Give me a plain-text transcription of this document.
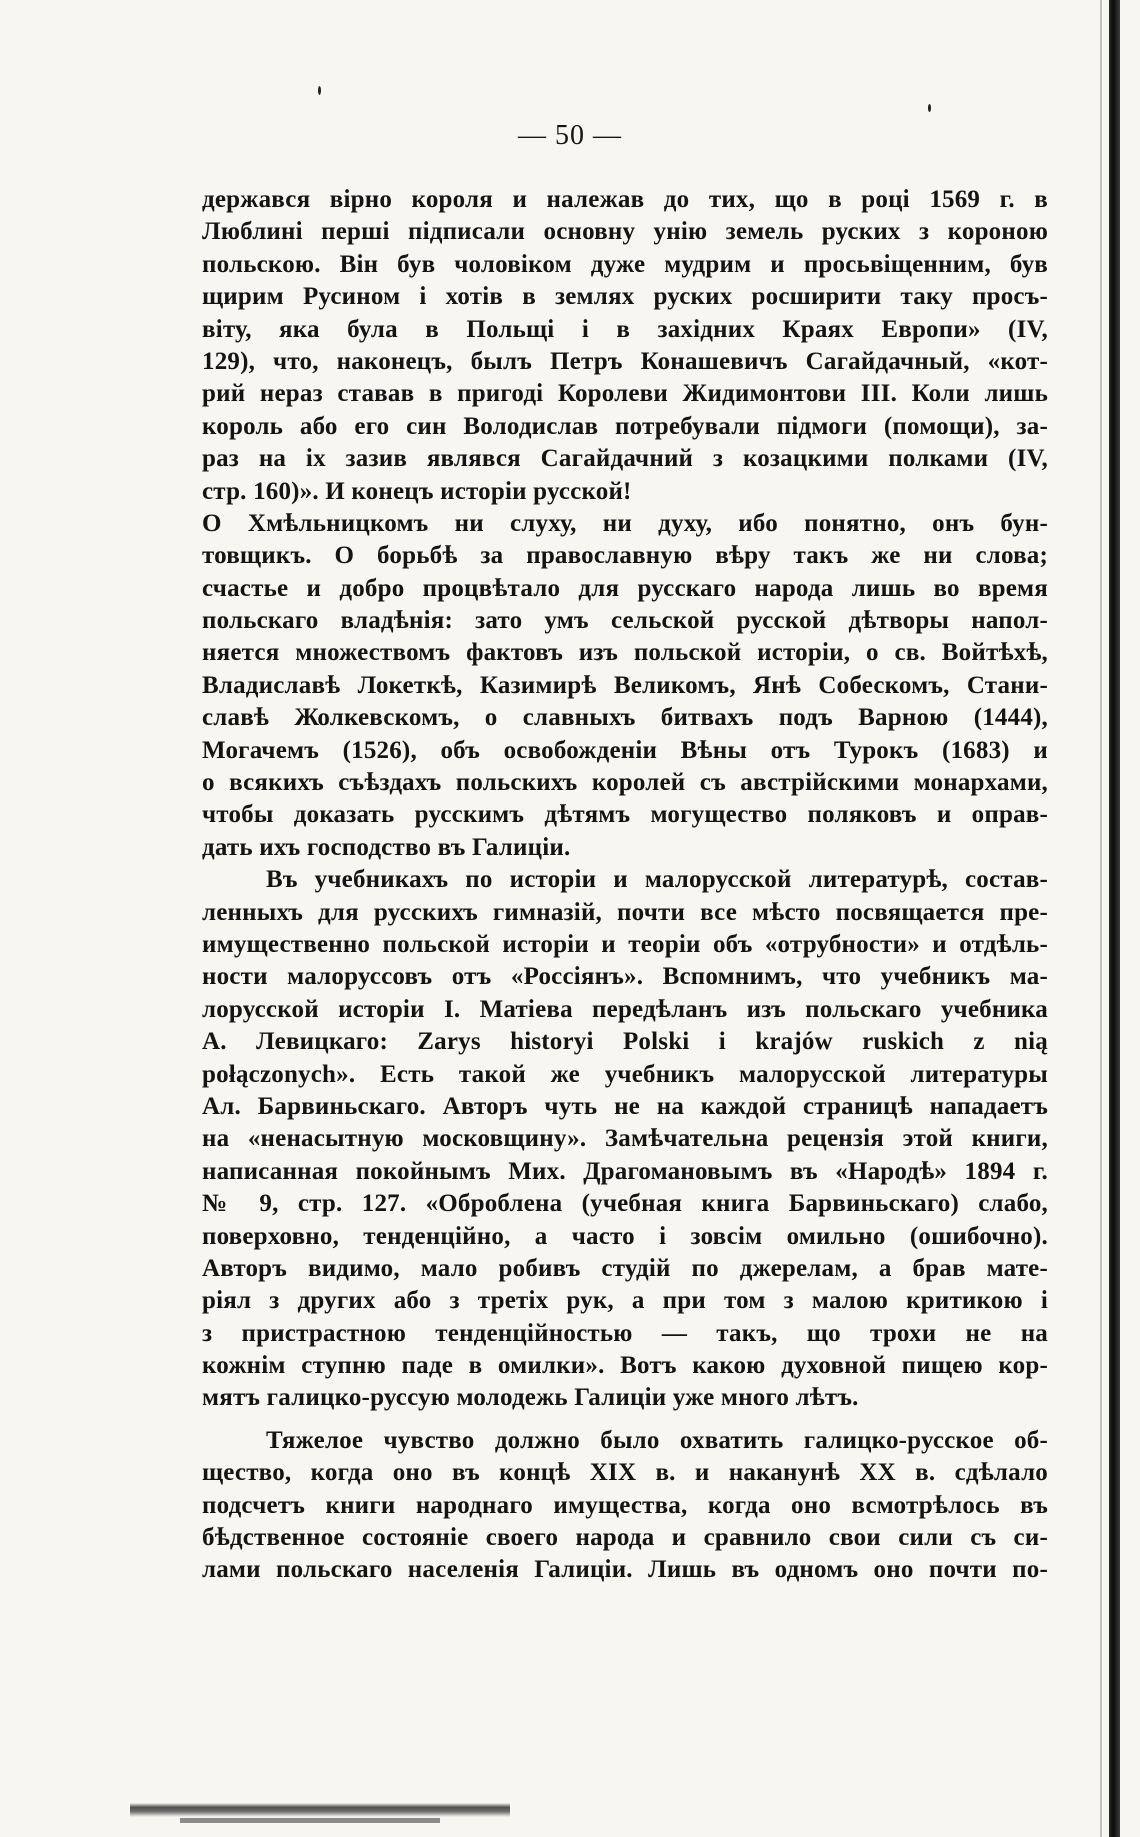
— 50 —
держався вірно короля и належав до тих, що в році 1569 г. в
Люблині перші підписали основну унію земель руских з короною
польскою. Він був чоловіком дуже мудрим и просьвіщенним, був
щирим Русином і хотів в землях руских росширити таку просъ-
віту, яка була в Польщі і в західних Краях Европи» (IV,
129), что, наконецъ, былъ Петръ Конашевичъ Сагайдачный, «кот-
рий нераз ставав в пригоді Королеви Жидимонтови III. Коли лишь
король або его син Володислав потребували підмоги (помощи), за-
раз на іх зазив являвся Сагайдачний з козацкими полками (IV,
стр. 160)». И конецъ исторіи русской!
О Хмѣльницкомъ ни слуху, ни духу, ибо понятно, онъ бун-
товщикъ. О борьбѣ за православную вѣру такъ же ни слова;
счастье и добро процвѣтало для русскаго народа лишь во время
польскаго владѣнія: зато умъ сельской русской дѣтворы напол-
няется множествомъ фактовъ изъ польской исторіи, о св. Войтѣхѣ,
Владиславѣ Локеткѣ, Казимирѣ Великомъ, Янѣ Собескомъ, Стани-
славѣ Жолкевскомъ, о славныхъ битвахъ подъ Варною (1444),
Могачемъ (1526), объ освобожденіи Вѣны отъ Турокъ (1683) и
о всякихъ съѣздахъ польскихъ королей съ австрійскими монархами,
чтобы доказать русскимъ дѣтямъ могущество поляковъ и оправ-
дать ихъ господство въ Галиціи.
Въ учебникахъ по исторіи и малорусской литературѣ, состав-
ленныхъ для русскихъ гимназій, почти все мѣсто посвящается пре-
имущественно польской исторіи и теоріи объ «отрубности» и отдѣль-
ности малоруссовъ отъ «Россіянъ». Вспомнимъ, что учебникъ ма-
лорусской исторіи І. Матіева передѣланъ изъ польскаго учебника
А. Левицкаго: Zarys historyi Polski i krajów ruskich z nią
połączonych». Есть такой же учебникъ малорусской литературы
Ал. Барвиньскаго. Авторъ чуть не на каждой страницѣ нападаетъ
на «ненасытную московщину». Замѣчательна рецензія этой книги,
написанная покойнымъ Мих. Драгомановымъ въ «Народѣ» 1894 г.
№ 9, стр. 127. «Оброблена (учебная книга Барвиньскаго) слабо,
поверховно, тенденційно, а часто і зовсім омильно (ошибочно).
Авторъ видимо, мало робивъ студій по джерелам, а брав мате-
ріял з других або з третіх рук, а при том з малою критикою і
з пристрастною тенденційностью — такъ, що трохи не на
кожнім ступню паде в омилки». Вотъ какою духовной пищею кор-
мятъ галицко-руссую молодежь Галиціи уже много лѣтъ.
Тяжелое чувство должно было охватить галицко-русское об-
щество, когда оно въ концѣ XIX в. и наканунѣ XX в. сдѣлало
подсчетъ книги народнаго имущества, когда оно всмотрѣлось въ
бѣдственное состояніе своего народа и сравнило свои сили съ си-
лами польскаго населенія Галиціи. Лишь въ одномъ оно почти по-
